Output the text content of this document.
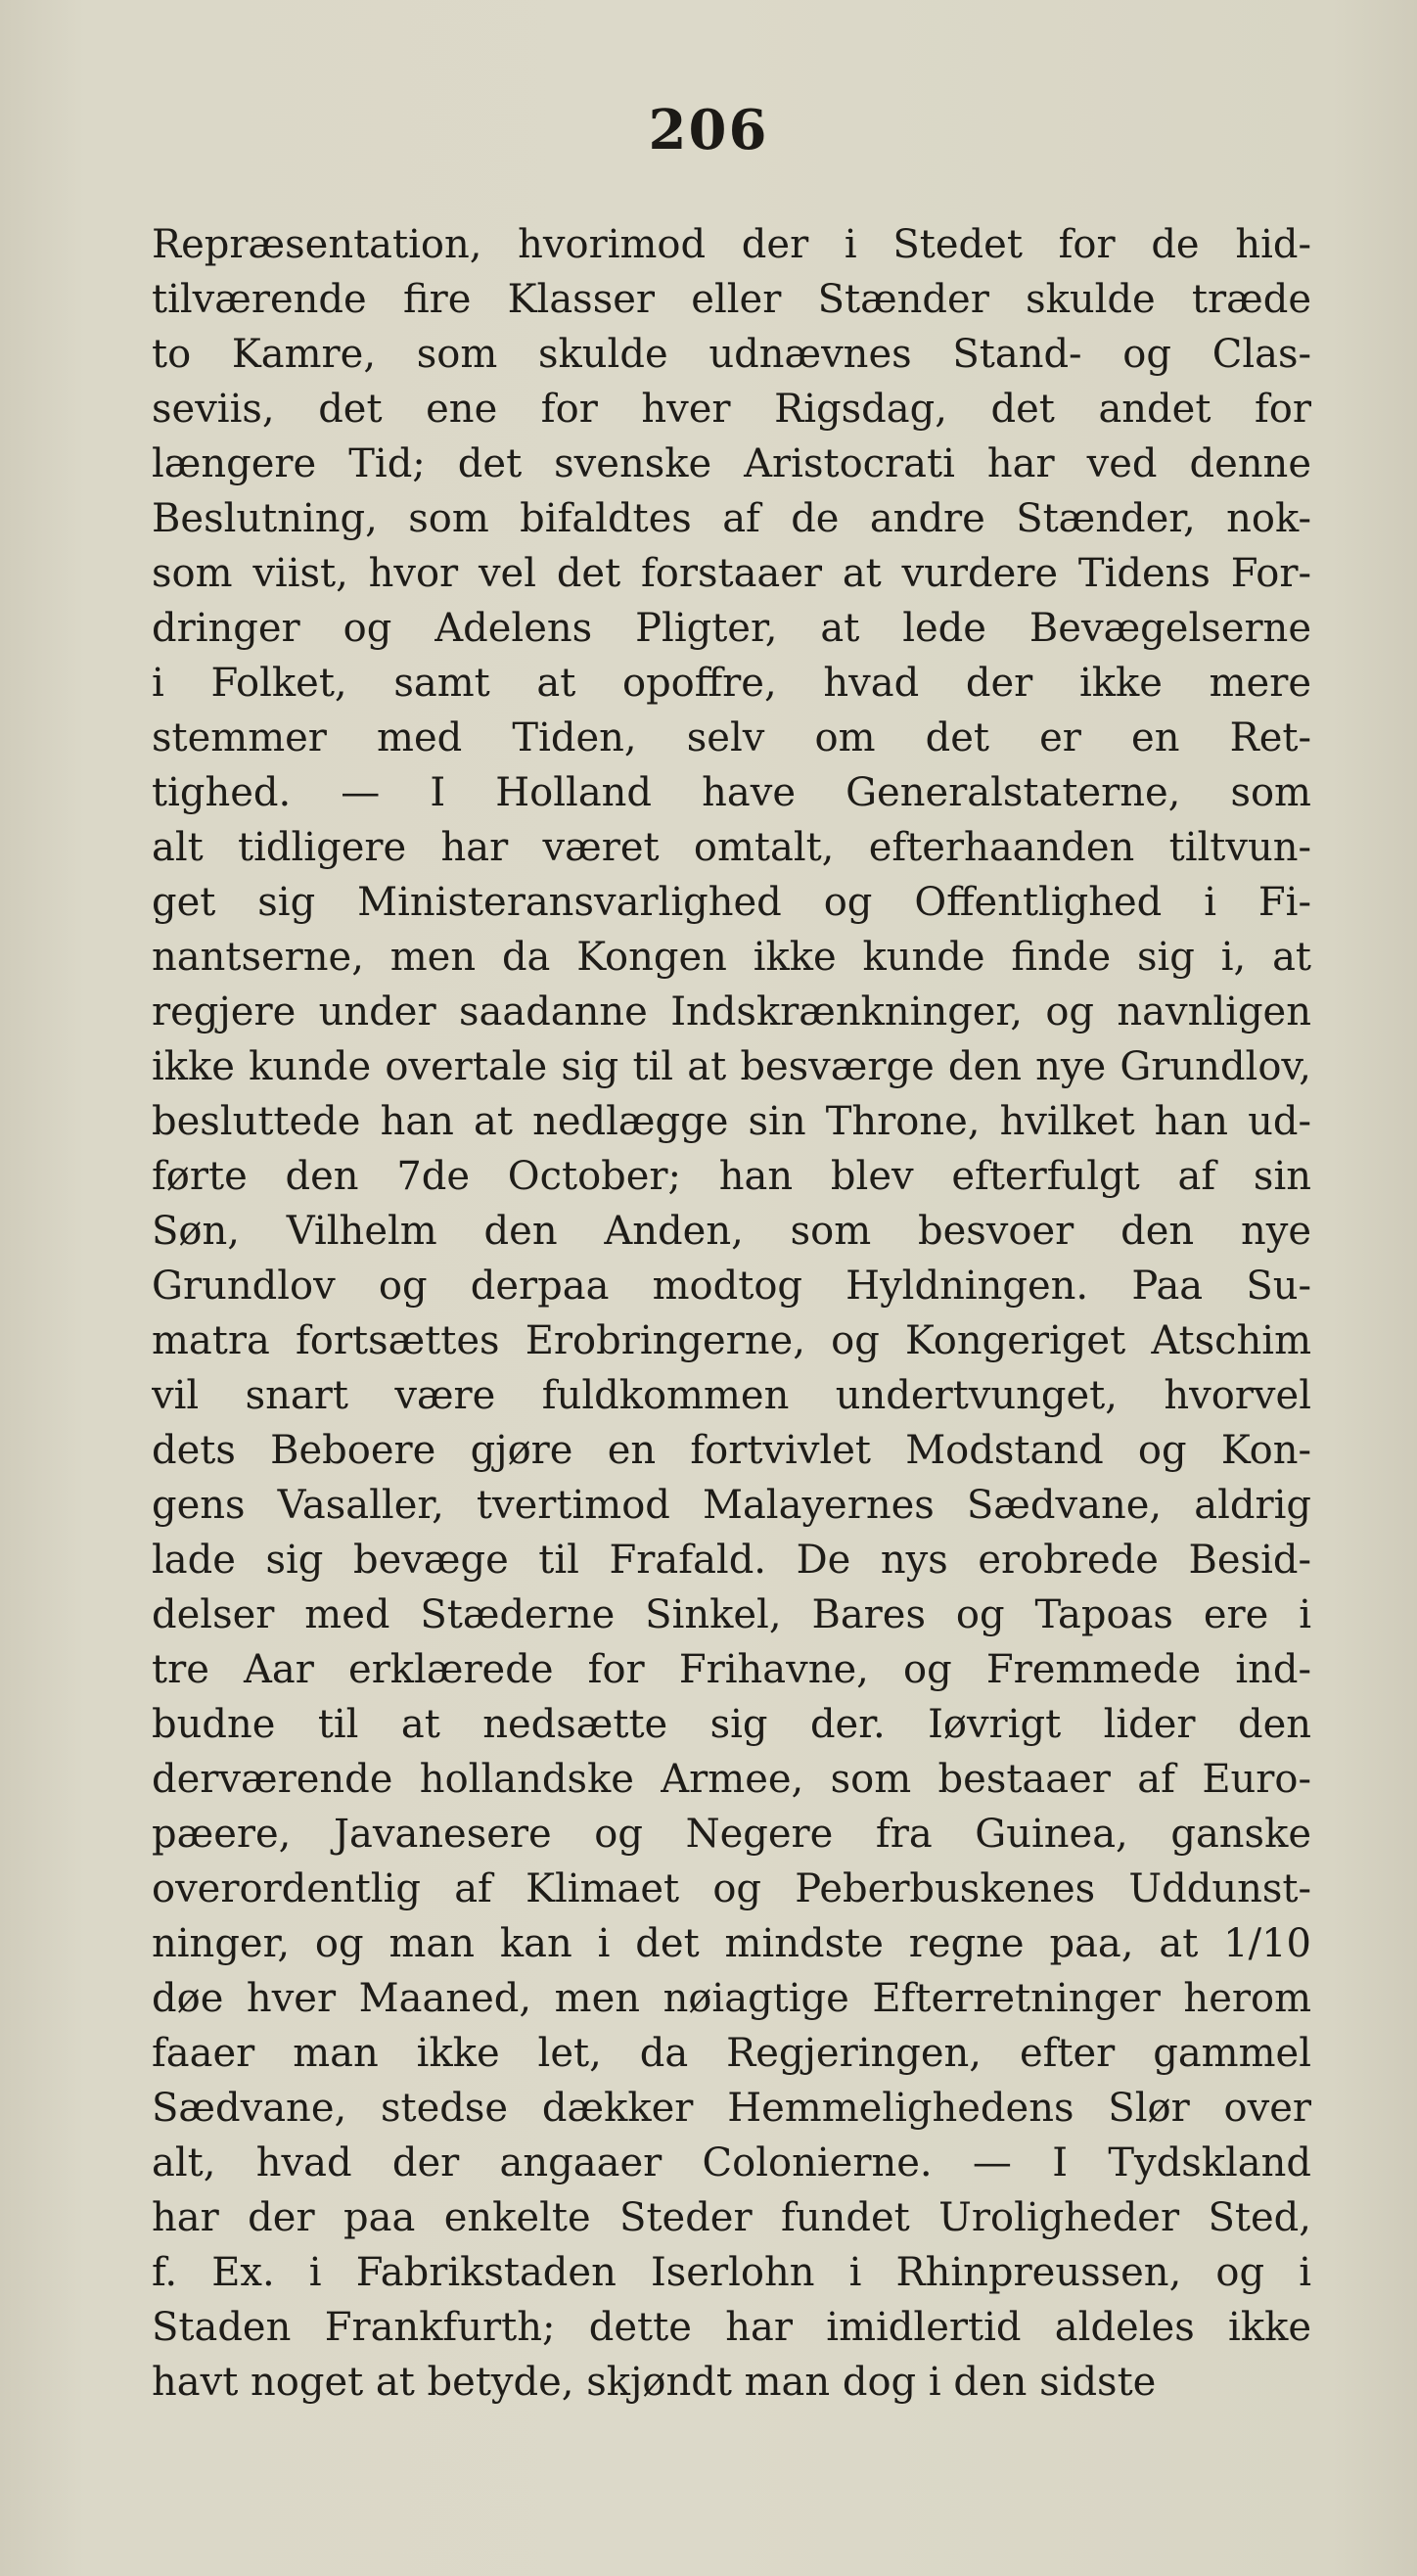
206
Repræsentation, hvorimod der i Stedet for de hid-
tilværende fire Klasser eller Stænder skulde træde
to Kamre, som skulde udnævnes Stand- og Clas-
seviis, det ene for hver Rigsdag, det andet for
længere Tid; det svenske Aristocrati har ved denne
Beslutning, som bifaldtes af de andre Stænder, nok-
som viist, hvor vel det forstaaer at vurdere Tidens For-
dringer og Adelens Pligter, at lede Bevægelserne
i Folket, samt at opoffre, hvad der ikke mere
stemmer med Tiden, selv om det er en Ret-
tighed. — I Holland have Generalstaterne, som
alt tidligere har været omtalt, efterhaanden tiltvun-
get sig Ministeransvarlighed og Offentlighed i Fi-
nantserne, men da Kongen ikke kunde finde sig i, at
regjere under saadanne Indskrænkninger, og navnligen
ikke kunde overtale sig til at besværge den nye Grundlov,
besluttede han at nedlægge sin Throne, hvilket han ud-
førte den 7de October; han blev efterfulgt af sin
Søn, Vilhelm den Anden, som besvoer den nye
Grundlov og derpaa modtog Hyldningen. Paa Su-
matra fortsættes Erobringerne, og Kongeriget Atschim
vil snart være fuldkommen undertvunget, hvorvel
dets Beboere gjøre en fortvivlet Modstand og Kon-
gens Vasaller, tvertimod Malayernes Sædvane, aldrig
lade sig bevæge til Frafald. De nys erobrede Besid-
delser med Stæderne Sinkel, Bares og Tapoas ere i
tre Aar erklærede for Frihavne, og Fremmede ind-
budne til at nedsætte sig der. Iøvrigt lider den
derværende hollandske Armee, som bestaaer af Euro-
pæere, Javanesere og Negere fra Guinea, ganske
overordentlig af Klimaet og Peberbuskenes Uddunst-
ninger, og man kan i det mindste regne paa, at 1/10
døe hver Maaned, men nøiagtige Efterretninger herom
faaer man ikke let, da Regjeringen, efter gammel
Sædvane, stedse dækker Hemmelighedens Slør over
alt, hvad der angaaer Colonierne. — I Tydskland
har der paa enkelte Steder fundet Uroligheder Sted,
f. Ex. i Fabrikstaden Iserlohn i Rhinpreussen, og i
Staden Frankfurth; dette har imidlertid aldeles ikke
havt noget at betyde, skjøndt man dog i den sidste
